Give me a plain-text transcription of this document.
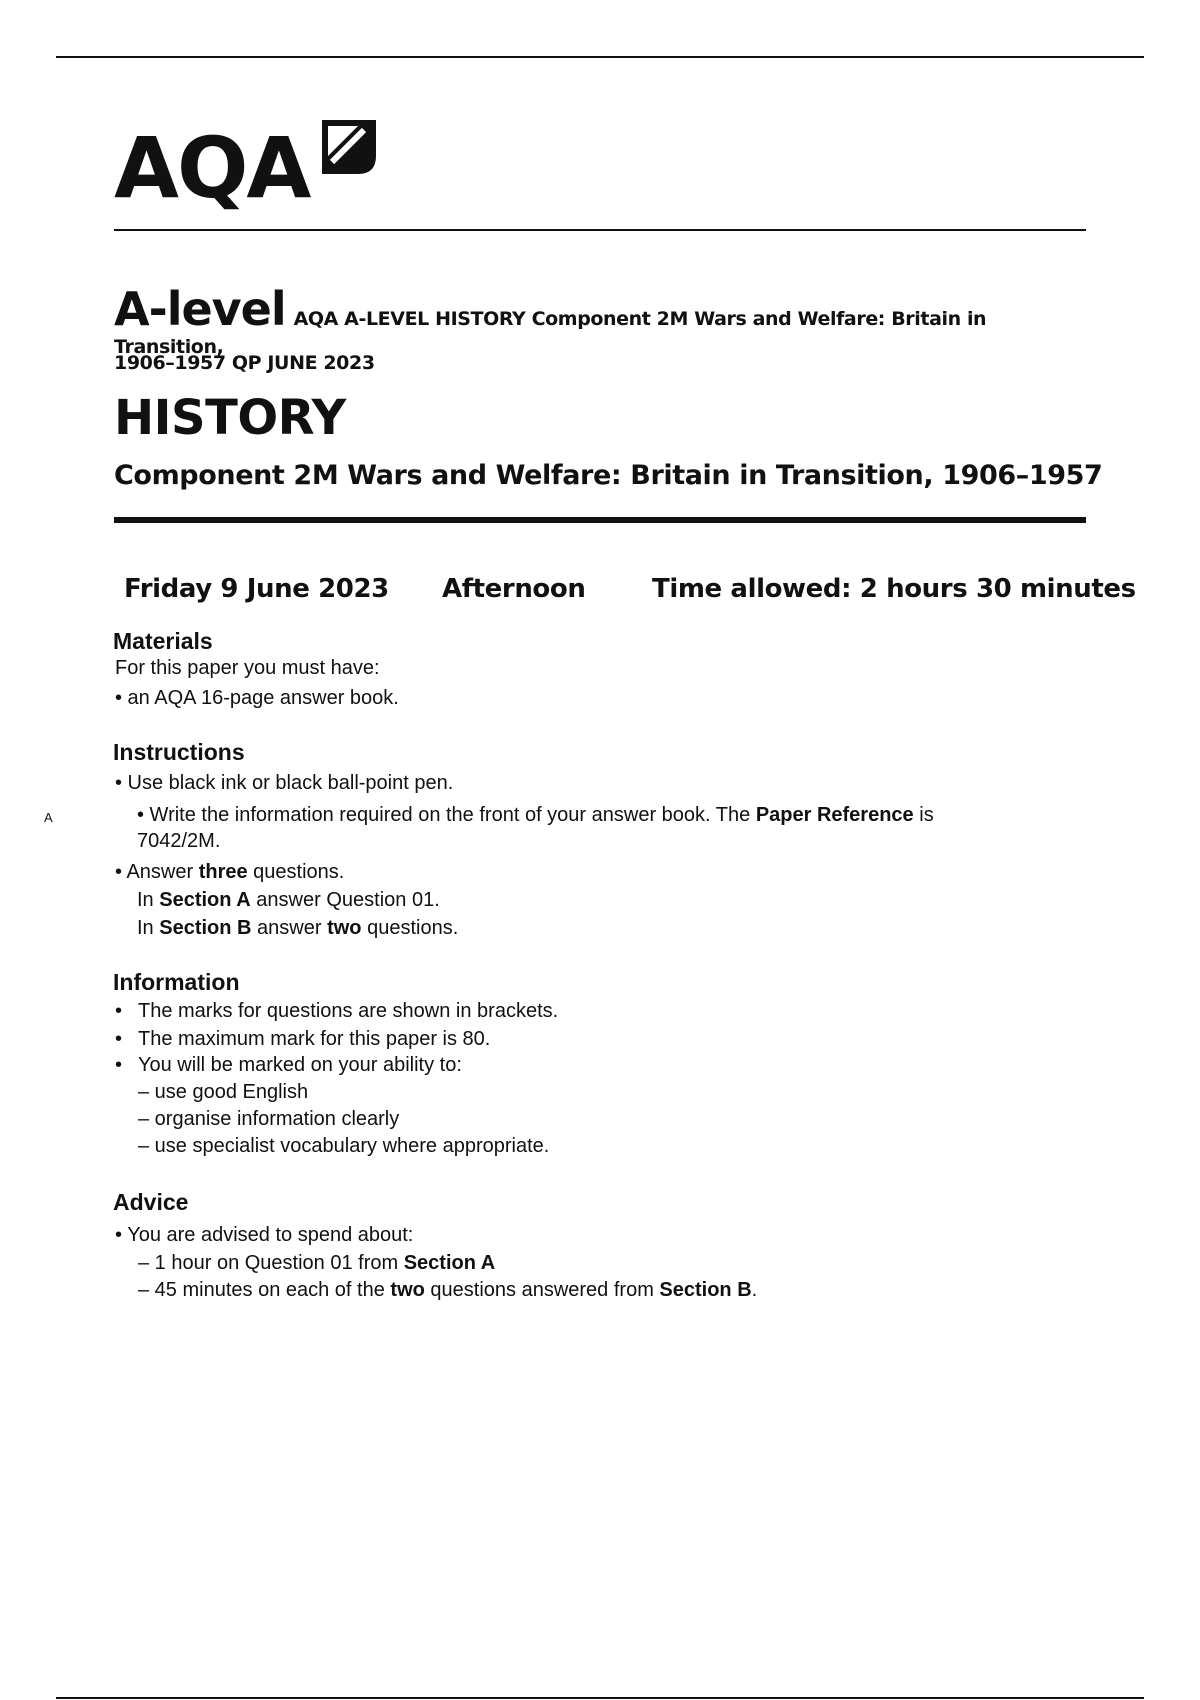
AQA
A-level AQA A-LEVEL HISTORY Component 2M Wars and Welfare: Britain in Transition,
1906–1957 QP JUNE 2023
HISTORY
Component 2M Wars and Welfare: Britain in Transition, 1906–1957
Friday 9 June 2023 Afternoon	Time allowed: 2 hours 30 minutes
Materials
For this paper you must have:
• an AQA 16-page answer book.
Instructions
• Use black ink or black ball-point pen.
• Write the information required on the front of your answer book. The Paper Reference is
7042/2M.
• Answer three questions.
In Section A answer Question 01.
In Section B answer two questions.
Information
• The marks for questions are shown in brackets.
• The maximum mark for this paper is 80.
• You will be marked on your ability to:
– use good English
– organise information clearly
– use specialist vocabulary where appropriate.
Advice
• You are advised to spend about:
– 1 hour on Question 01 from Section A
– 45 minutes on each of the two questions answered from Section B.
A
